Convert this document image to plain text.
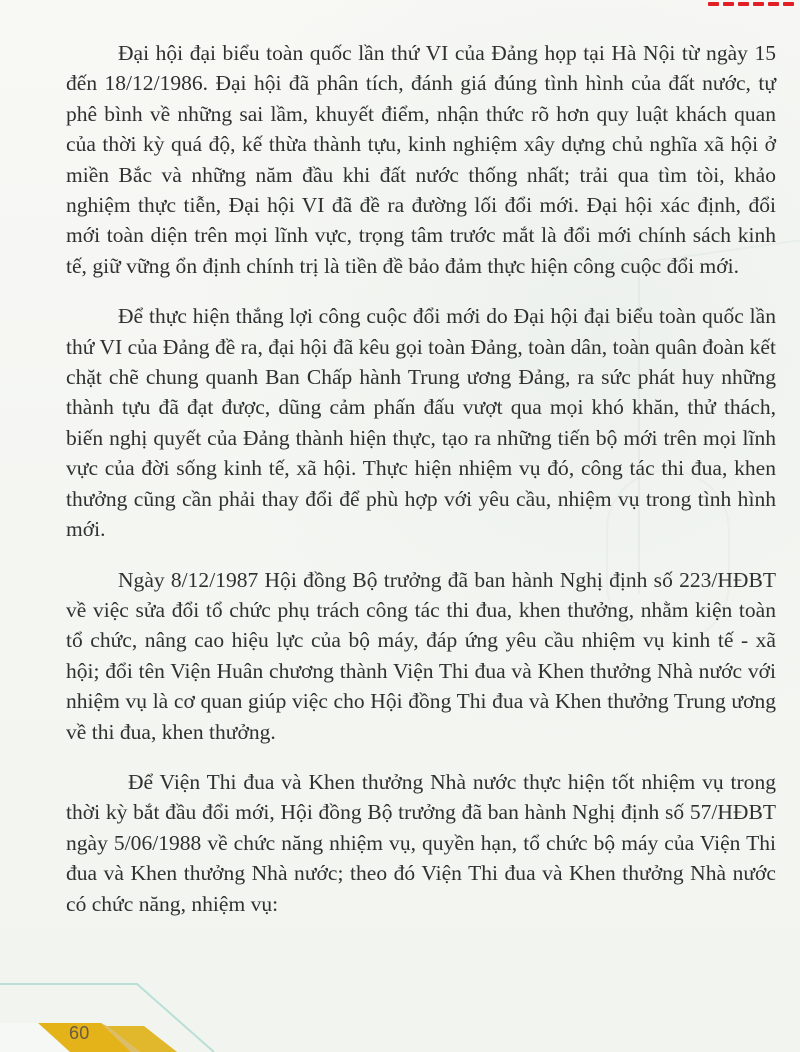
Đại hội đại biểu toàn quốc lần thứ VI của Đảng họp tại Hà Nội từ ngày 15 đến 18/12/1986. Đại hội đã phân tích, đánh giá đúng tình hình của đất nước, tự phê bình về những sai lầm, khuyết điểm, nhận thức rõ hơn quy luật khách quan của thời kỳ quá độ, kế thừa thành tựu, kinh nghiệm xây dựng chủ nghĩa xã hội ở miền Bắc và những năm đầu khi đất nước thống nhất; trải qua tìm tòi, khảo nghiệm thực tiễn, Đại hội VI đã đề ra đường lối đổi mới. Đại hội xác định, đổi mới toàn diện trên mọi lĩnh vực, trọng tâm trước mắt là đổi mới chính sách kinh tế, giữ vững ổn định chính trị là tiền đề bảo đảm thực hiện công cuộc đổi mới.

Để thực hiện thắng lợi công cuộc đổi mới do Đại hội đại biểu toàn quốc lần thứ VI của Đảng đề ra, đại hội đã kêu gọi toàn Đảng, toàn dân, toàn quân đoàn kết chặt chẽ chung quanh Ban Chấp hành Trung ương Đảng, ra sức phát huy những thành tựu đã đạt được, dũng cảm phấn đấu vượt qua mọi khó khăn, thử thách, biến nghị quyết của Đảng thành hiện thực, tạo ra những tiến bộ mới trên mọi lĩnh vực của đời sống kinh tế, xã hội. Thực hiện nhiệm vụ đó, công tác thi đua, khen thưởng cũng cần phải thay đổi để phù hợp với yêu cầu, nhiệm vụ trong tình hình mới.

Ngày 8/12/1987 Hội đồng Bộ trưởng đã ban hành Nghị định số 223/HĐBT về việc sửa đổi tổ chức phụ trách công tác thi đua, khen thưởng, nhằm kiện toàn tổ chức, nâng cao hiệu lực của bộ máy, đáp ứng yêu cầu nhiệm vụ kinh tế - xã hội; đổi tên Viện Huân chương thành Viện Thi đua và Khen thưởng Nhà nước với nhiệm vụ là cơ quan giúp việc cho Hội đồng Thi đua và Khen thưởng Trung ương về thi đua, khen thưởng.

Để Viện Thi đua và Khen thưởng Nhà nước thực hiện tốt nhiệm vụ trong thời kỳ bắt đầu đổi mới, Hội đồng Bộ trưởng đã ban hành Nghị định số 57/HĐBT ngày 5/06/1988 về chức năng nhiệm vụ, quyền hạn, tổ chức bộ máy của Viện Thi đua và Khen thưởng Nhà nước; theo đó Viện Thi đua và Khen thưởng Nhà nước có chức năng, nhiệm vụ:

60
